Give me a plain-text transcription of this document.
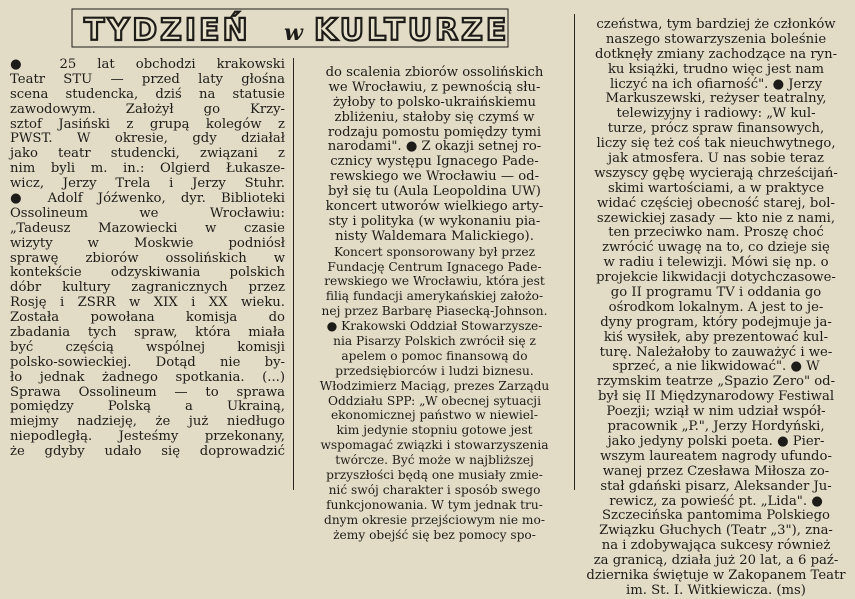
TYDZIEŃ w KULTURZE
● 25 lat obchodzi krakowski
Teatr STU — przed laty głośna
scena studencka, dziś na statusie
zawodowym. Założył go Krzy-
sztof Jasiński z grupą kolegów z
PWST. W okresie, gdy działał
jako teatr studencki, związani z
nim byli m. in.: Olgierd Łukasze-
wicz, Jerzy Trela i Jerzy Stuhr.
● Adolf Jóźwenko, dyr. Biblioteki
Ossolineum we Wrocławiu:
„Tadeusz Mazowiecki w czasie
wizyty w Moskwie podniósł
sprawę zbiorów ossolińskich w
kontekście odzyskiwania polskich
dóbr kultury zagranicznych przez
Rosję i ZSRR w XIX i XX wieku.
Została powołana komisja do
zbadania tych spraw, która miała
być częścią wspólnej komisji
polsko-sowieckiej. Dotąd nie by-
ło jednak żadnego spotkania. (...)
Sprawa Ossolineum — to sprawa
pomiędzy Polską a Ukrainą,
miejmy nadzieję, że już niedługo
niepodległą. Jesteśmy przekonany,
że gdyby udało się doprowadzić
do scalenia zbiorów ossolińskich
we Wrocławiu, z pewnością słu-
żyłoby to polsko-ukraińskiemu
zbliżeniu, stałoby się czymś w
rodzaju pomostu pomiędzy tymi
narodami". ● Z okazji setnej ro-
cznicy występu Ignacego Pade-
rewskiego we Wrocławiu — od-
był się tu (Aula Leopoldina UW)
koncert utworów wielkiego arty-
sty i polityka (w wykonaniu pia-
nisty Waldemara Malickiego).
Koncert sponsorowany był przez
Fundację Centrum Ignacego Pade-
rewskiego we Wrocławiu, która jest
filią fundacji amerykańskiej założo-
nej przez Barbarę Piasecką-Johnson.
● Krakowski Oddział Stowarzysze-
nia Pisarzy Polskich zwrócił się z
apelem o pomoc finansową do
przedsiębiorców i ludzi biznesu.
Włodzimierz Maciąg, prezes Zarządu
Oddziału SPP: „W obecnej sytuacji
ekonomicznej państwo w niewiel-
kim jedynie stopniu gotowe jest
wspomagać związki i stowarzyszenia
twórcze. Być może w najbliższej
przyszłości będą one musiały zmie-
nić swój charakter i sposób swego
funkcjonowania. W tym jednak tru-
dnym okresie przejściowym nie mo-
żemy obejść się bez pomocy spo-
czeństwa, tym bardziej że członków
naszego stowarzyszenia boleśnie
dotknęły zmiany zachodzące na ryn-
ku książki, trudno więc jest nam
liczyć na ich ofiarność". ● Jerzy
Markuszewski, reżyser teatralny,
telewizyjny i radiowy: „W kul-
turze, prócz spraw finansowych,
liczy się też coś tak nieuchwytnego,
jak atmosfera. U nas sobie teraz
wszyscy gębę wycierają chrześcijań-
skimi wartościami, a w praktyce
widać częściej obecność starej, bol-
szewickiej zasady — kto nie z nami,
ten przeciwko nam. Proszę choć
zwrócić uwagę na to, co dzieje się
w radiu i telewizji. Mówi się np. o
projekcie likwidacji dotychczasowe-
go II programu TV i oddania go
ośrodkom lokalnym. A jest to je-
dyny program, który podejmuje ja-
kiś wysiłek, aby prezentować kul-
turę. Należałoby to zauważyć i we-
sprzeć, a nie likwidować". ● W
rzymskim teatrze „Spazio Zero" od-
był się II Międzynarodowy Festiwal
Poezji; wziął w nim udział współ-
pracownik „P.", Jerzy Hordyński,
jako jedyny polski poeta. ● Pier-
wszym laureatem nagrody ufundo-
wanej przez Czesława Miłosza zo-
stał gdański pisarz, Aleksander Ju-
rewicz, za powieść pt. „Lida". ●
Szczecińska pantomima Polskiego
Związku Głuchych (Teatr „3"), zna-
na i zdobywająca sukcesy również
za granicą, działa już 20 lat, a 6 paź-
dziernika świętuje w Zakopanem Teatr
im. St. I. Witkiewicza. (ms)
